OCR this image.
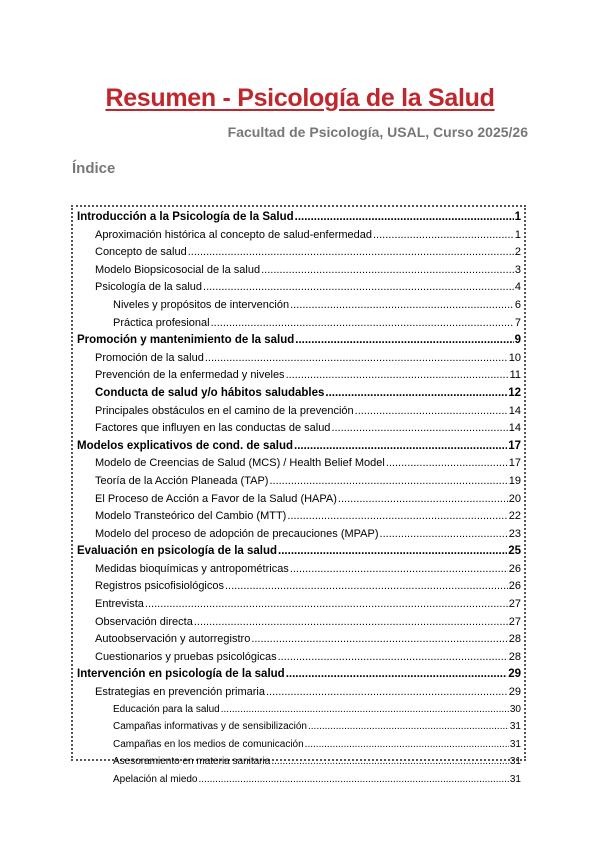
Resumen - Psicología de la Salud
Facultad de Psicología, USAL, Curso 2025/26
Índice
Introducción a la Psicología de la Salud .....	1
Aproximación histórica al concepto de salud-enfermedad .....	1
Concepto de salud .....	2
Modelo Biopsicosocial de la salud .....	3
Psicología de la salud .....	4
Niveles y propósitos de intervención .....	6
Práctica profesional .....	7
Promoción y mantenimiento de la salud .....	9
Promoción de la salud .....	10
Prevención de la enfermedad y niveles .....	11
Conducta de salud y/o hábitos saludables .....	12
Principales obstáculos en el camino de la prevención .....	14
Factores que influyen en las conductas de salud .....	14
Modelos explicativos de cond. de salud .....	17
Modelo de Creencias de Salud (MCS) / Health Belief Model .....	17
Teoría de la Acción Planeada (TAP) .....	19
El Proceso de Acción a Favor de la Salud (HAPA) .....	20
Modelo Transteórico del Cambio (MTT) .....	22
Modelo del proceso de adopción de precauciones (MPAP) .....	23
Evaluación en psicología de la salud .....	25
Medidas bioquímicas y antropométricas .....	26
Registros psicofisiológicos .....	26
Entrevista .....	27
Observación directa .....	27
Autoobservación y autorregistro .....	28
Cuestionarios y pruebas psicológicas .....	28
Intervención en psicología de la salud .....	29
Estrategias en prevención primaria .....	29
Educación para la salud .....	30
Campañas informativas y de sensibilización .....	31
Campañas en los medios de comunicación .....	31
Asesoramiento en materia sanitaria .....	31
Apelación al miedo .....	31
